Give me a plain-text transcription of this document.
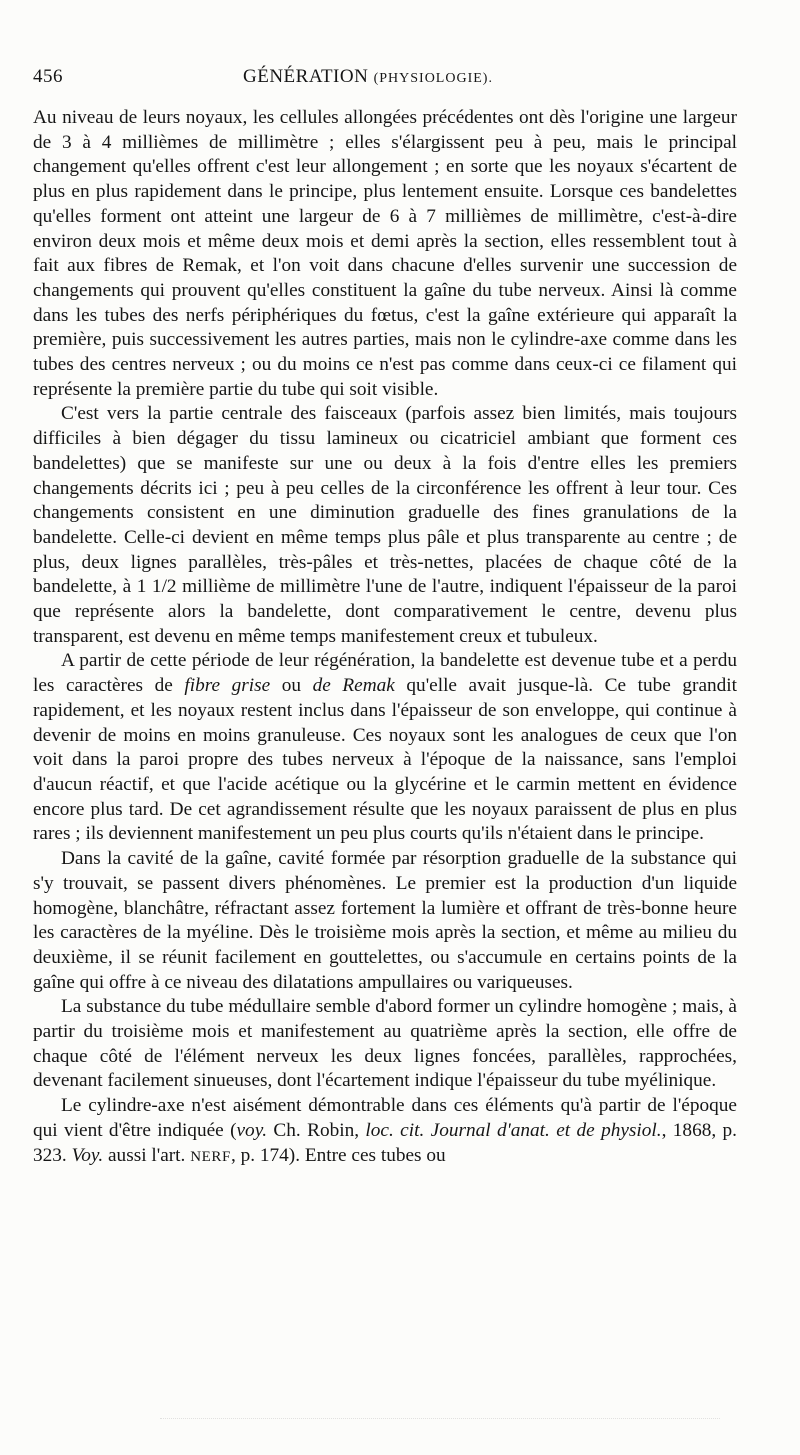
456	GÉNÉRATION (PHYSIOLOGIE).

Au niveau de leurs noyaux, les cellules allongées précédentes ont dès l'origine une largeur de 3 à 4 millièmes de millimètre ; elles s'élargissent peu à peu, mais le principal changement qu'elles offrent c'est leur allongement ; en sorte que les noyaux s'écartent de plus en plus rapidement dans le principe, plus lentement ensuite. Lorsque ces bandelettes qu'elles forment ont atteint une largeur de 6 à 7 millièmes de millimètre, c'est-à-dire environ deux mois et même deux mois et demi après la section, elles ressemblent tout à fait aux fibres de Remak, et l'on voit dans chacune d'elles survenir une succession de changements qui prouvent qu'elles constituent la gaîne du tube nerveux. Ainsi là comme dans les tubes des nerfs périphériques du fœtus, c'est la gaîne extérieure qui apparaît la première, puis successivement les autres parties, mais non le cylindre-axe comme dans les tubes des centres nerveux ; ou du moins ce n'est pas comme dans ceux-ci ce filament qui représente la première partie du tube qui soit visible.

C'est vers la partie centrale des faisceaux (parfois assez bien limités, mais toujours difficiles à bien dégager du tissu lamineux ou cicatriciel ambiant que forment ces bandelettes) que se manifeste sur une ou deux à la fois d'entre elles les premiers changements décrits ici ; peu à peu celles de la circonférence les offrent à leur tour. Ces changements consistent en une diminution graduelle des fines granulations de la bandelette. Celle-ci devient en même temps plus pâle et plus transparente au centre ; de plus, deux lignes parallèles, très-pâles et très-nettes, placées de chaque côté de la bandelette, à 1 1/2 millième de millimètre l'une de l'autre, indiquent l'épaisseur de la paroi que représente alors la bandelette, dont comparativement le centre, devenu plus transparent, est devenu en même temps manifestement creux et tubuleux.

A partir de cette période de leur régénération, la bandelette est devenue tube et a perdu les caractères de fibre grise ou de Remak qu'elle avait jusque-là. Ce tube grandit rapidement, et les noyaux restent inclus dans l'épaisseur de son enveloppe, qui continue à devenir de moins en moins granuleuse. Ces noyaux sont les analogues de ceux que l'on voit dans la paroi propre des tubes nerveux à l'époque de la naissance, sans l'emploi d'aucun réactif, et que l'acide acétique ou la glycérine et le carmin mettent en évidence encore plus tard. De cet agrandissement résulte que les noyaux paraissent de plus en plus rares ; ils deviennent manifestement un peu plus courts qu'ils n'étaient dans le principe.

Dans la cavité de la gaîne, cavité formée par résorption graduelle de la substance qui s'y trouvait, se passent divers phénomènes. Le premier est la production d'un liquide homogène, blanchâtre, réfractant assez fortement la lumière et offrant de très-bonne heure les caractères de la myéline. Dès le troisième mois après la section, et même au milieu du deuxième, il se réunit facilement en gouttelettes, ou s'accumule en certains points de la gaîne qui offre à ce niveau des dilatations ampullaires ou variqueuses.

La substance du tube médullaire semble d'abord former un cylindre homogène ; mais, à partir du troisième mois et manifestement au quatrième après la section, elle offre de chaque côté de l'élément nerveux les deux lignes foncées, parallèles, rapprochées, devenant facilement sinueuses, dont l'écartement indique l'épaisseur du tube myélinique.

Le cylindre-axe n'est aisément démontrable dans ces éléments qu'à partir de l'époque qui vient d'être indiquée (voy. Ch. Robin, loc. cit. Journal d'anat. et de physiol., 1868, p. 323. Voy. aussi l'art. NERF, p. 174). Entre ces tubes ou
